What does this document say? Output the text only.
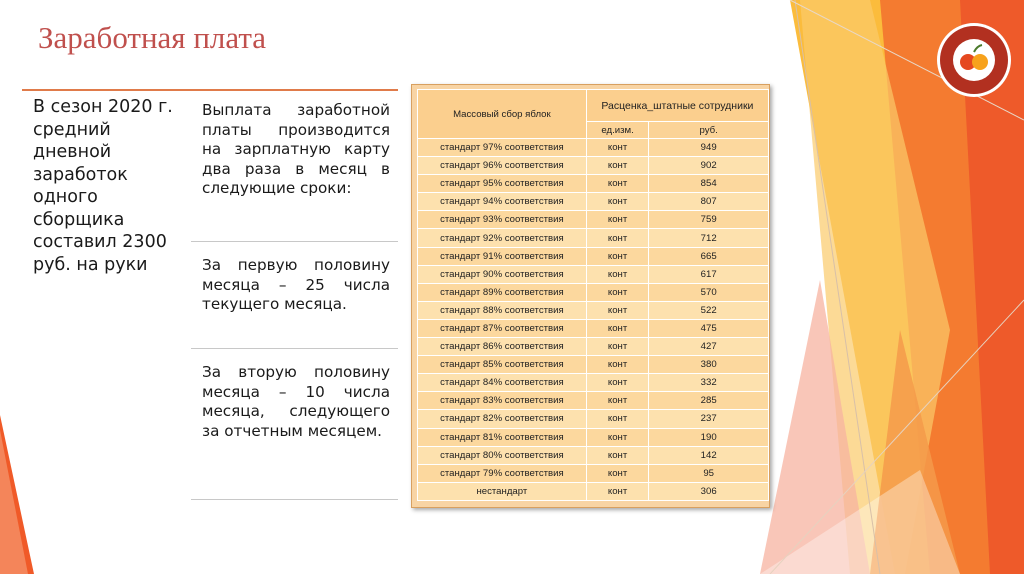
Заработная плата

В сезон 2020 г. средний дневной заработок одного сборщика составил 2300 руб. на руки

Выплата заработной платы производится на зарплатную карту два раза в месяц в следующие сроки:

За первую половину месяца – 25 числа текущего месяца.

За вторую половину месяца – 10 числа месяца, следующего за отчетным месяцем.

Массовый сбор яблок	Расценка_штатные сотрудники	
	ед.изм.	руб.
стандарт 97% соответствия	конт	949
стандарт 96% соответствия	конт	902
стандарт 95% соответствия	конт	854
стандарт 94% соответствия	конт	807
стандарт 93% соответствия	конт	759
стандарт 92% соответствия	конт	712
стандарт 91% соответствия	конт	665
стандарт 90% соответствия	конт	617
стандарт 89% соответствия	конт	570
стандарт 88% соответствия	конт	522
стандарт 87% соответствия	конт	475
стандарт 86% соответствия	конт	427
стандарт 85% соответствия	конт	380
стандарт 84% соответствия	конт	332
стандарт 83% соответствия	конт	285
стандарт 82% соответствия	конт	237
стандарт 81% соответствия	конт	190
стандарт 80% соответствия	конт	142
стандарт 79% соответствия	конт	95
нестандарт	конт	306
